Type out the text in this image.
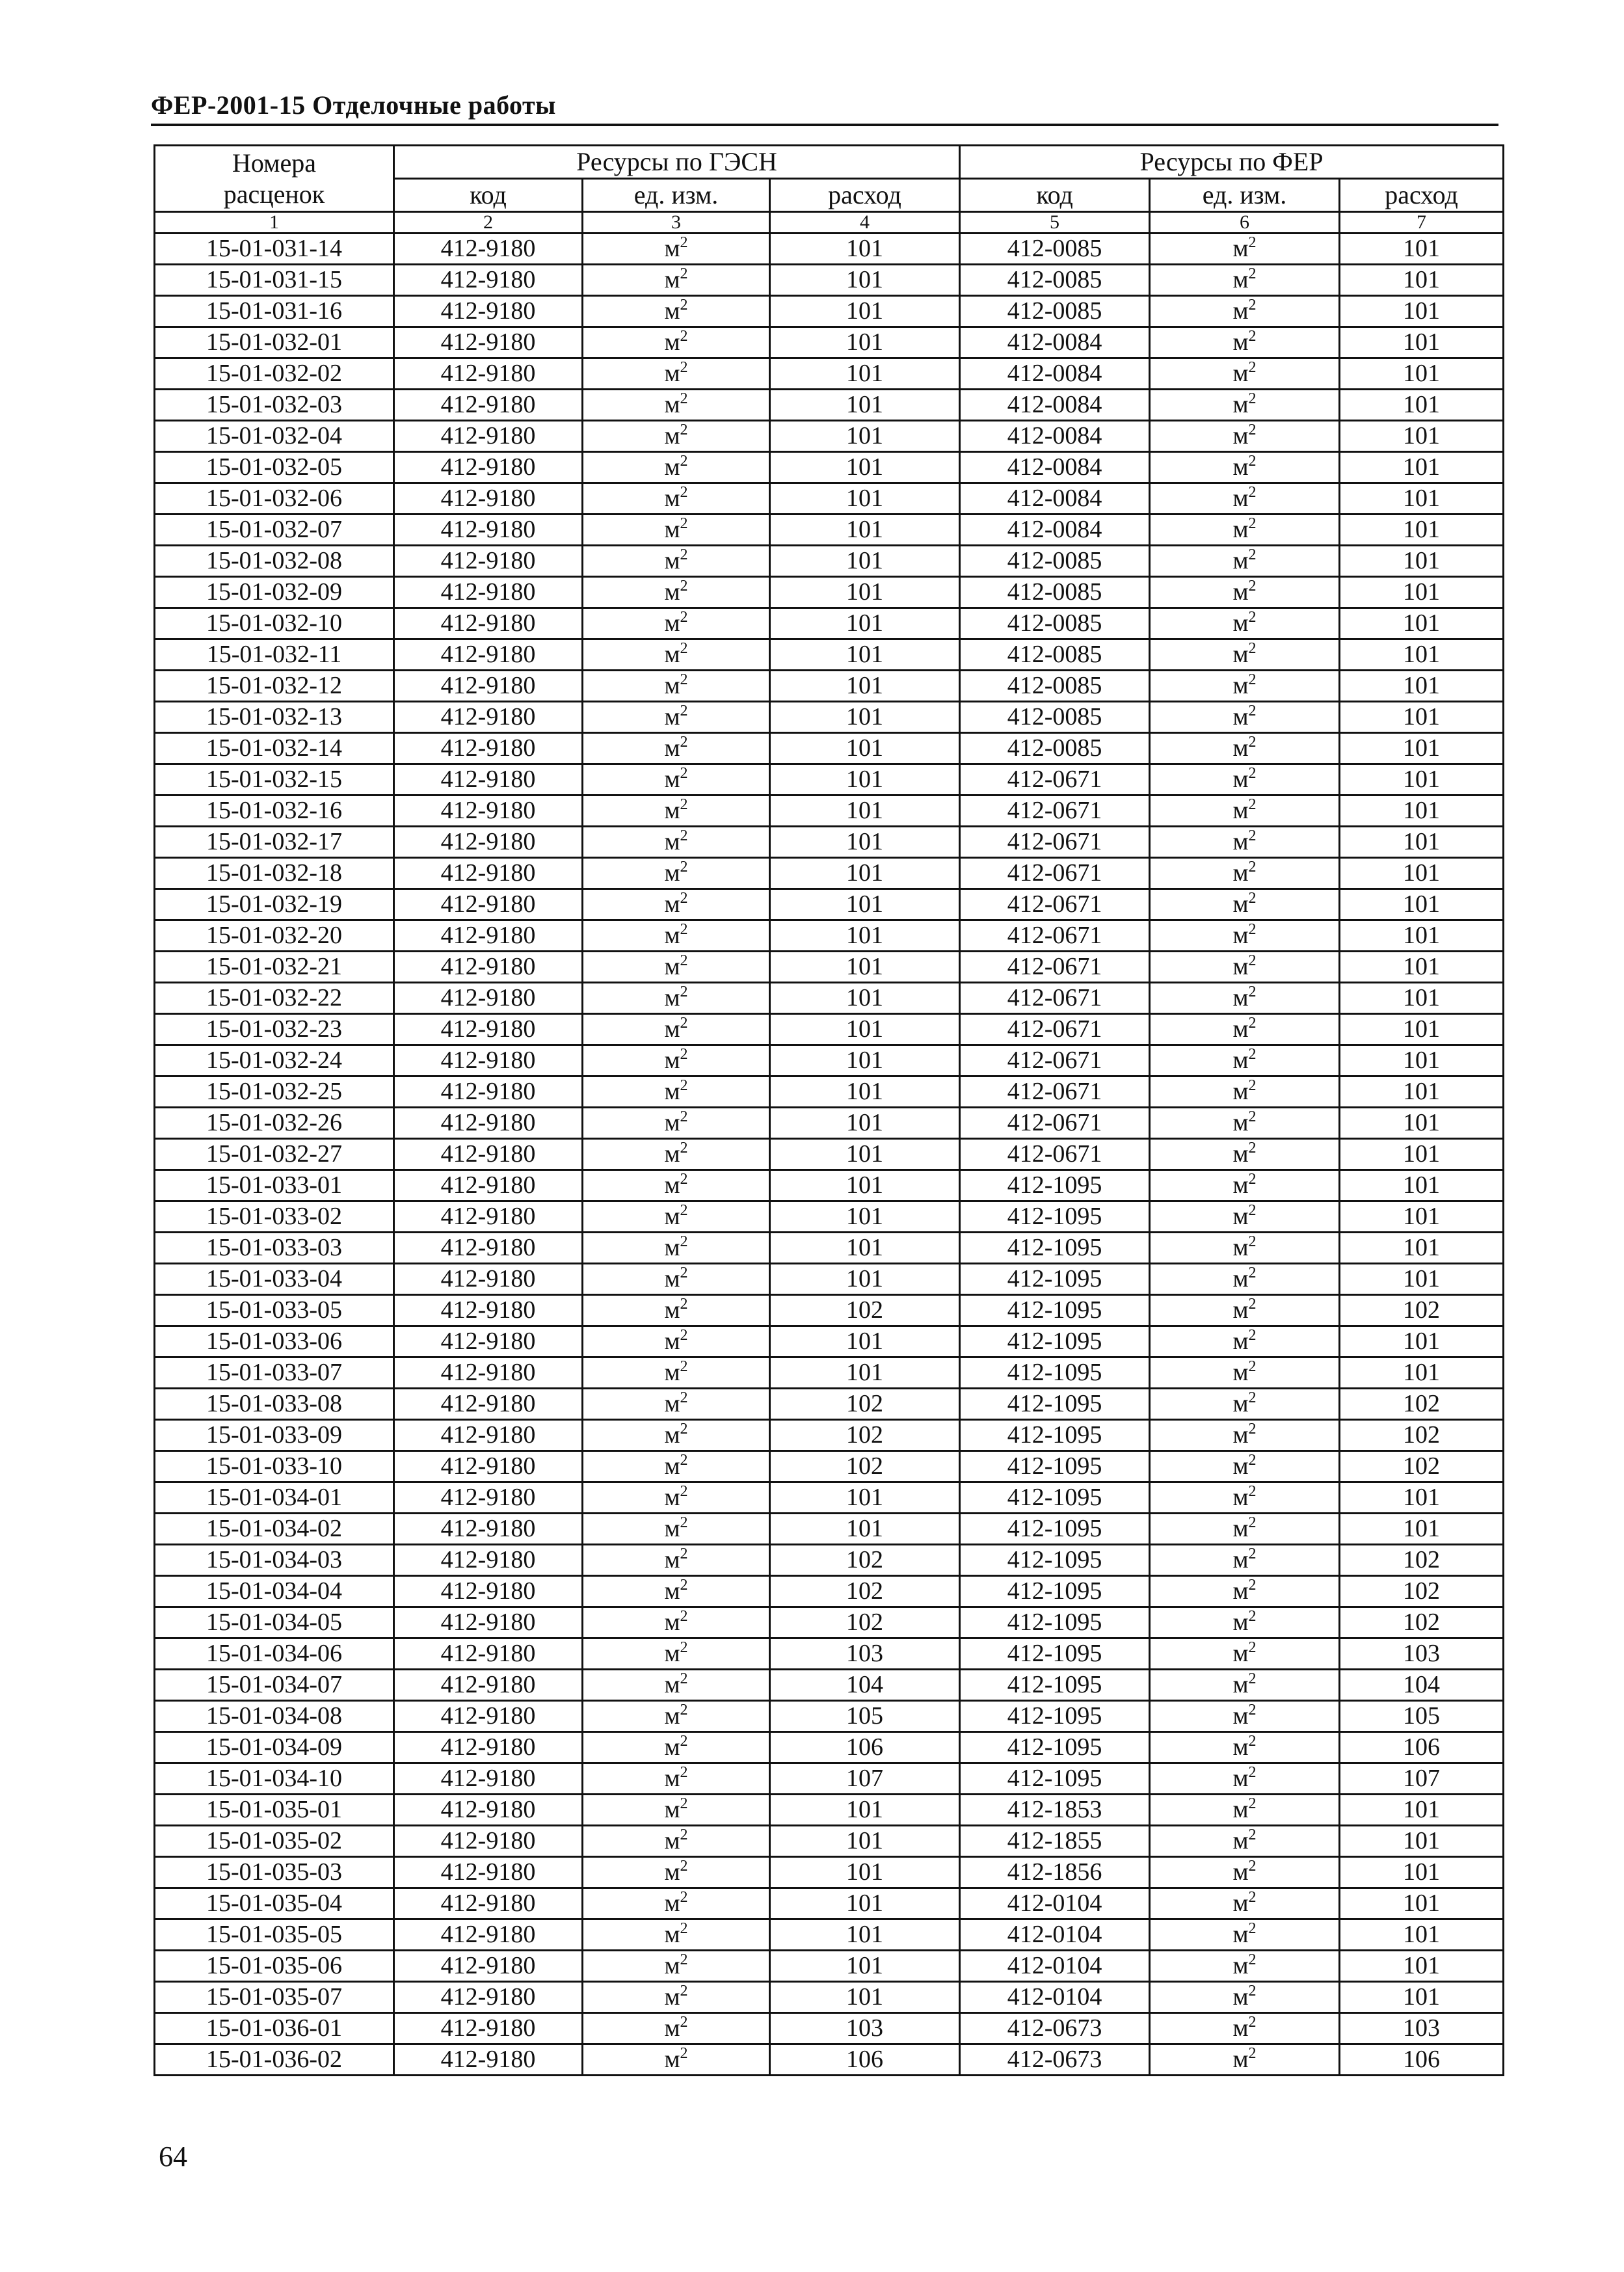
ФЕР-2001-15 Отделочные работы
Номера
расценок	Ресурсы по ГЭСН			Ресурсы по ФЕР		
	код	ед. изм.	расход	код	ед. изм.	расход
1	2	3	4	5	6	7
15-01-031-14	412-9180	$м^2$	101	412-0085	$м^2$	101
15-01-031-15	412-9180	$м^2$	101	412-0085	$м^2$	101
15-01-031-16	412-9180	$м^2$	101	412-0085	$м^2$	101
15-01-032-01	412-9180	$м^2$	101	412-0084	$м^2$	101
15-01-032-02	412-9180	$м^2$	101	412-0084	$м^2$	101
15-01-032-03	412-9180	$м^2$	101	412-0084	$м^2$	101
15-01-032-04	412-9180	$м^2$	101	412-0084	$м^2$	101
15-01-032-05	412-9180	$м^2$	101	412-0084	$м^2$	101
15-01-032-06	412-9180	$м^2$	101	412-0084	$м^2$	101
15-01-032-07	412-9180	$м^2$	101	412-0084	$м^2$	101
15-01-032-08	412-9180	$м^2$	101	412-0085	$м^2$	101
15-01-032-09	412-9180	$м^2$	101	412-0085	$м^2$	101
15-01-032-10	412-9180	$м^2$	101	412-0085	$м^2$	101
15-01-032-11	412-9180	$м^2$	101	412-0085	$м^2$	101
15-01-032-12	412-9180	$м^2$	101	412-0085	$м^2$	101
15-01-032-13	412-9180	$м^2$	101	412-0085	$м^2$	101
15-01-032-14	412-9180	$м^2$	101	412-0085	$м^2$	101
15-01-032-15	412-9180	$м^2$	101	412-0671	$м^2$	101
15-01-032-16	412-9180	$м^2$	101	412-0671	$м^2$	101
15-01-032-17	412-9180	$м^2$	101	412-0671	$м^2$	101
15-01-032-18	412-9180	$м^2$	101	412-0671	$м^2$	101
15-01-032-19	412-9180	$м^2$	101	412-0671	$м^2$	101
15-01-032-20	412-9180	$м^2$	101	412-0671	$м^2$	101
15-01-032-21	412-9180	$м^2$	101	412-0671	$м^2$	101
15-01-032-22	412-9180	$м^2$	101	412-0671	$м^2$	101
15-01-032-23	412-9180	$м^2$	101	412-0671	$м^2$	101
15-01-032-24	412-9180	$м^2$	101	412-0671	$м^2$	101
15-01-032-25	412-9180	$м^2$	101	412-0671	$м^2$	101
15-01-032-26	412-9180	$м^2$	101	412-0671	$м^2$	101
15-01-032-27	412-9180	$м^2$	101	412-0671	$м^2$	101
15-01-033-01	412-9180	$м^2$	101	412-1095	$м^2$	101
15-01-033-02	412-9180	$м^2$	101	412-1095	$м^2$	101
15-01-033-03	412-9180	$м^2$	101	412-1095	$м^2$	101
15-01-033-04	412-9180	$м^2$	101	412-1095	$м^2$	101
15-01-033-05	412-9180	$м^2$	102	412-1095	$м^2$	102
15-01-033-06	412-9180	$м^2$	101	412-1095	$м^2$	101
15-01-033-07	412-9180	$м^2$	101	412-1095	$м^2$	101
15-01-033-08	412-9180	$м^2$	102	412-1095	$м^2$	102
15-01-033-09	412-9180	$м^2$	102	412-1095	$м^2$	102
15-01-033-10	412-9180	$м^2$	102	412-1095	$м^2$	102
15-01-034-01	412-9180	$м^2$	101	412-1095	$м^2$	101
15-01-034-02	412-9180	$м^2$	101	412-1095	$м^2$	101
15-01-034-03	412-9180	$м^2$	102	412-1095	$м^2$	102
15-01-034-04	412-9180	$м^2$	102	412-1095	$м^2$	102
15-01-034-05	412-9180	$м^2$	102	412-1095	$м^2$	102
15-01-034-06	412-9180	$м^2$	103	412-1095	$м^2$	103
15-01-034-07	412-9180	$м^2$	104	412-1095	$м^2$	104
15-01-034-08	412-9180	$м^2$	105	412-1095	$м^2$	105
15-01-034-09	412-9180	$м^2$	106	412-1095	$м^2$	106
15-01-034-10	412-9180	$м^2$	107	412-1095	$м^2$	107
15-01-035-01	412-9180	$м^2$	101	412-1853	$м^2$	101
15-01-035-02	412-9180	$м^2$	101	412-1855	$м^2$	101
15-01-035-03	412-9180	$м^2$	101	412-1856	$м^2$	101
15-01-035-04	412-9180	$м^2$	101	412-0104	$м^2$	101
15-01-035-05	412-9180	$м^2$	101	412-0104	$м^2$	101
15-01-035-06	412-9180	$м^2$	101	412-0104	$м^2$	101
15-01-035-07	412-9180	$м^2$	101	412-0104	$м^2$	101
15-01-036-01	412-9180	$м^2$	103	412-0673	$м^2$	103
15-01-036-02	412-9180	$м^2$	106	412-0673	$м^2$	106
64
